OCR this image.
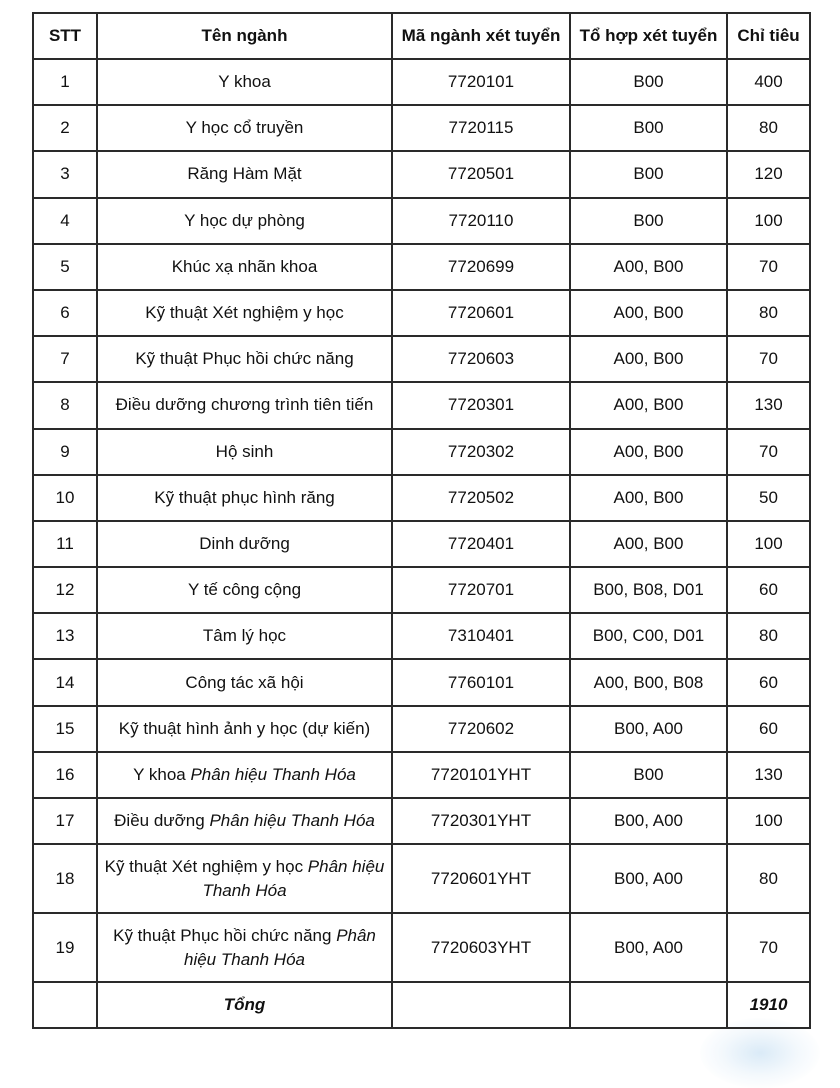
STT	Tên ngành	Mã ngành xét tuyển	Tổ hợp xét tuyển	Chỉ tiêu
1	Y khoa	7720101	B00	400
2	Y học cổ truyền	7720115	B00	80
3	Răng Hàm Mặt	7720501	B00	120
4	Y học dự phòng	7720110	B00	100
5	Khúc xạ nhãn khoa	7720699	A00, B00	70
6	Kỹ thuật Xét nghiệm y học	7720601	A00, B00	80
7	Kỹ thuật Phục hồi chức năng	7720603	A00, B00	70
8	Điều dưỡng chương trình tiên tiến	7720301	A00, B00	130
9	Hộ sinh	7720302	A00, B00	70
10	Kỹ thuật phục hình răng	7720502	A00, B00	50
11	Dinh dưỡng	7720401	A00, B00	100
12	Y tế công cộng	7720701	B00, B08, D01	60
13	Tâm lý học	7310401	B00, C00, D01	80
14	Công tác xã hội	7760101	A00, B00, B08	60
15	Kỹ thuật hình ảnh y học (dự kiến)	7720602	B00, A00	60
16	Y khoa Phân hiệu Thanh Hóa	7720101YHT	B00	130
17	Điều dưỡng Phân hiệu Thanh Hóa	7720301YHT	B00, A00	100
18	Kỹ thuật Xét nghiệm y học Phân hiệu Thanh Hóa	7720601YHT	B00, A00	80
19	Kỹ thuật Phục hồi chức năng Phân hiệu Thanh Hóa	7720603YHT	B00, A00	70
	Tổng			1910
